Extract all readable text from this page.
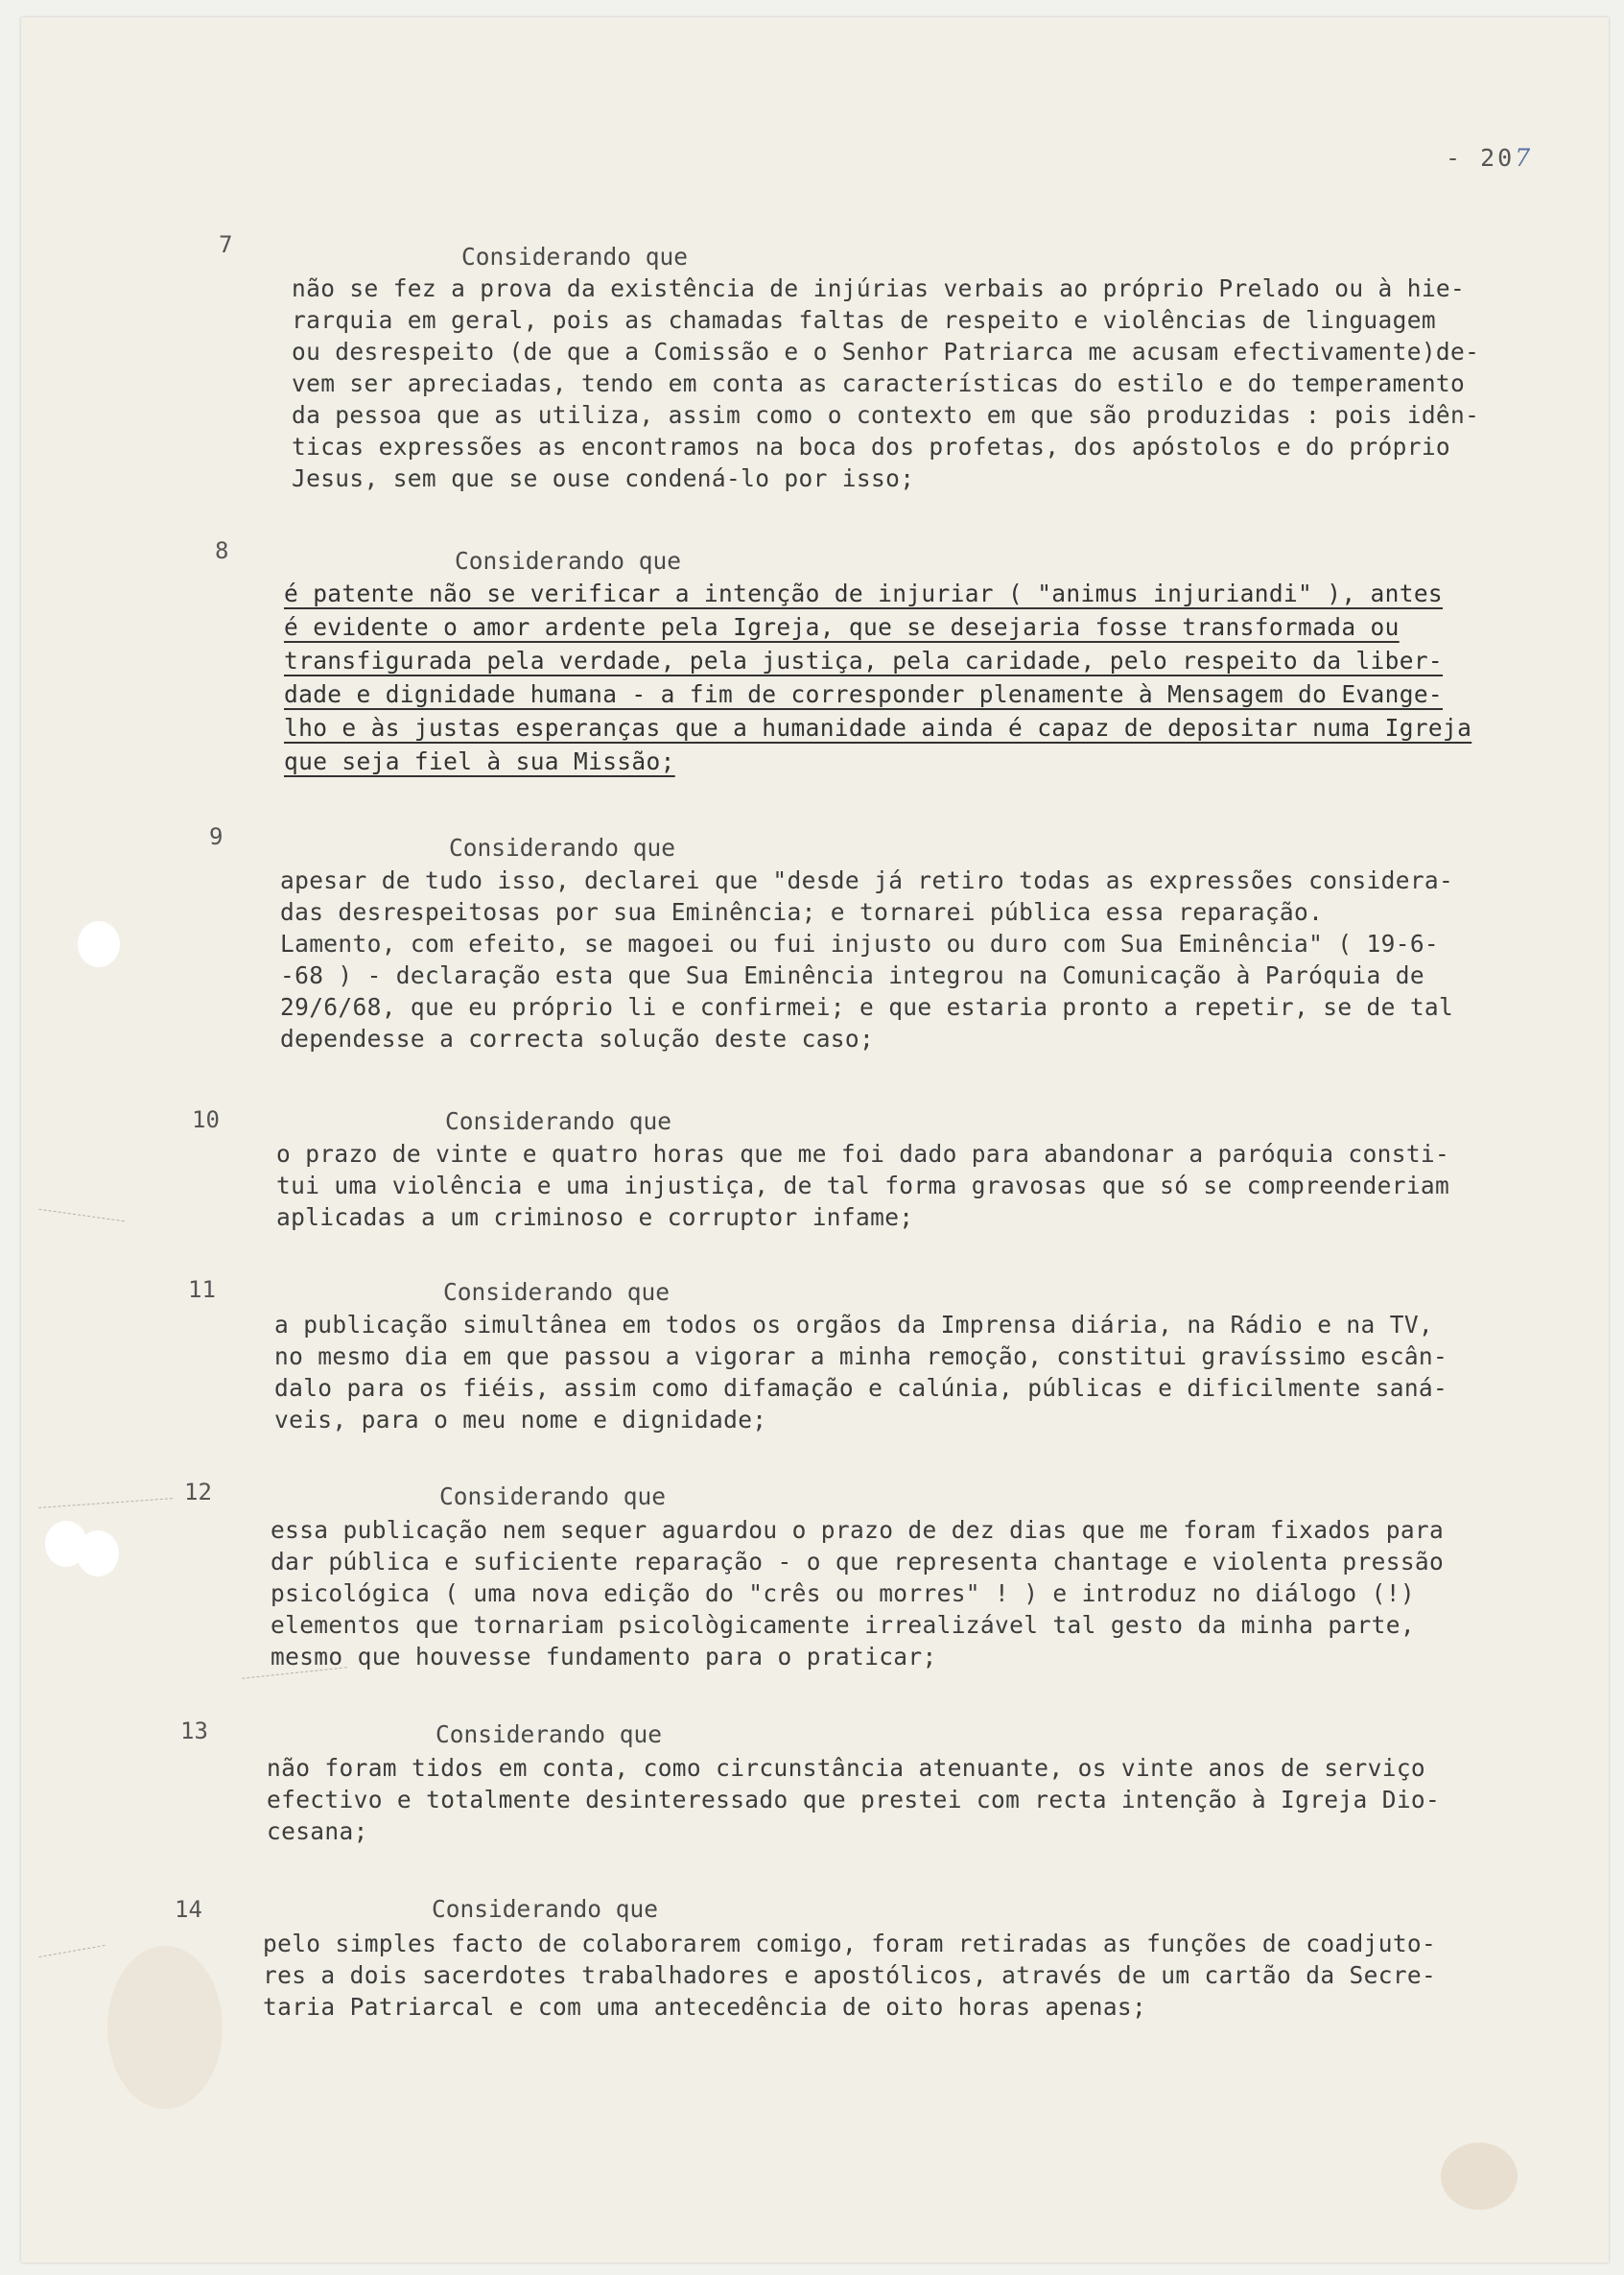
- 207
7	Considerando que
não se fez a prova da existência de injúrias verbais ao próprio Prelado ou à hie-
rarquia em geral, pois as chamadas faltas de respeito e violências de linguagem
ou desrespeito (de que a Comissão e o Senhor Patriarca me acusam efectivamente)de-
vem ser apreciadas, tendo em conta as características do estilo e do temperamento
da pessoa que as utiliza, assim como o contexto em que são produzidas : pois idên-
ticas expressões as encontramos na boca dos profetas, dos apóstolos e do próprio
Jesus, sem que se ouse condená-lo por isso;
8	Considerando que
é patente não se verificar a intenção de injuriar ( "animus injuriandi" ), antes
é evidente o amor ardente pela Igreja, que se desejaria fosse transformada ou
transfigurada pela verdade, pela justiça, pela caridade, pelo respeito da liber-
dade e dignidade humana - a fim de corresponder plenamente à Mensagem do Evange-
lho e às justas esperanças que a humanidade ainda é capaz de depositar numa Igreja
que seja fiel à sua Missão;
9	Considerando que
apesar de tudo isso, declarei que "desde já retiro todas as expressões considera-
das desrespeitosas por sua Eminência; e tornarei pública essa reparação.
Lamento, com efeito, se magoei ou fui injusto ou duro com Sua Eminência" ( 19-6-
-68 ) - declaração esta que Sua Eminência integrou na Comunicação à Paróquia de
29/6/68, que eu próprio li e confirmei; e que estaria pronto a repetir, se de tal
dependesse a correcta solução deste caso;
10	Considerando que
o prazo de vinte e quatro horas que me foi dado para abandonar a paróquia consti-
tui uma violência e uma injustiça, de tal forma gravosas que só se compreenderiam
aplicadas a um criminoso e corruptor infame;
11	Considerando que
a publicação simultânea em todos os orgãos da Imprensa diária, na Rádio e na TV,
no mesmo dia em que passou a vigorar a minha remoção, constitui gravíssimo escân-
dalo para os fiéis, assim como difamação e calúnia, públicas e dificilmente saná-
veis, para o meu nome e dignidade;
12	Considerando que
essa publicação nem sequer aguardou o prazo de dez dias que me foram fixados para
dar pública e suficiente reparação - o que representa chantage e violenta pressão
psicológica ( uma nova edição do "crês ou morres" ! ) e introduz no diálogo (!)
elementos que tornariam psicològicamente irrealizável tal gesto da minha parte,
mesmo que houvesse fundamento para o praticar;
13	Considerando que
não foram tidos em conta, como circunstância atenuante, os vinte anos de serviço
efectivo e totalmente desinteressado que prestei com recta intenção à Igreja Dio-
cesana;
14	Considerando que
pelo simples facto de colaborarem comigo, foram retiradas as funções de coadjuto-
res a dois sacerdotes trabalhadores e apostólicos, através de um cartão da Secre-
taria Patriarcal e com uma antecedência de oito horas apenas;
